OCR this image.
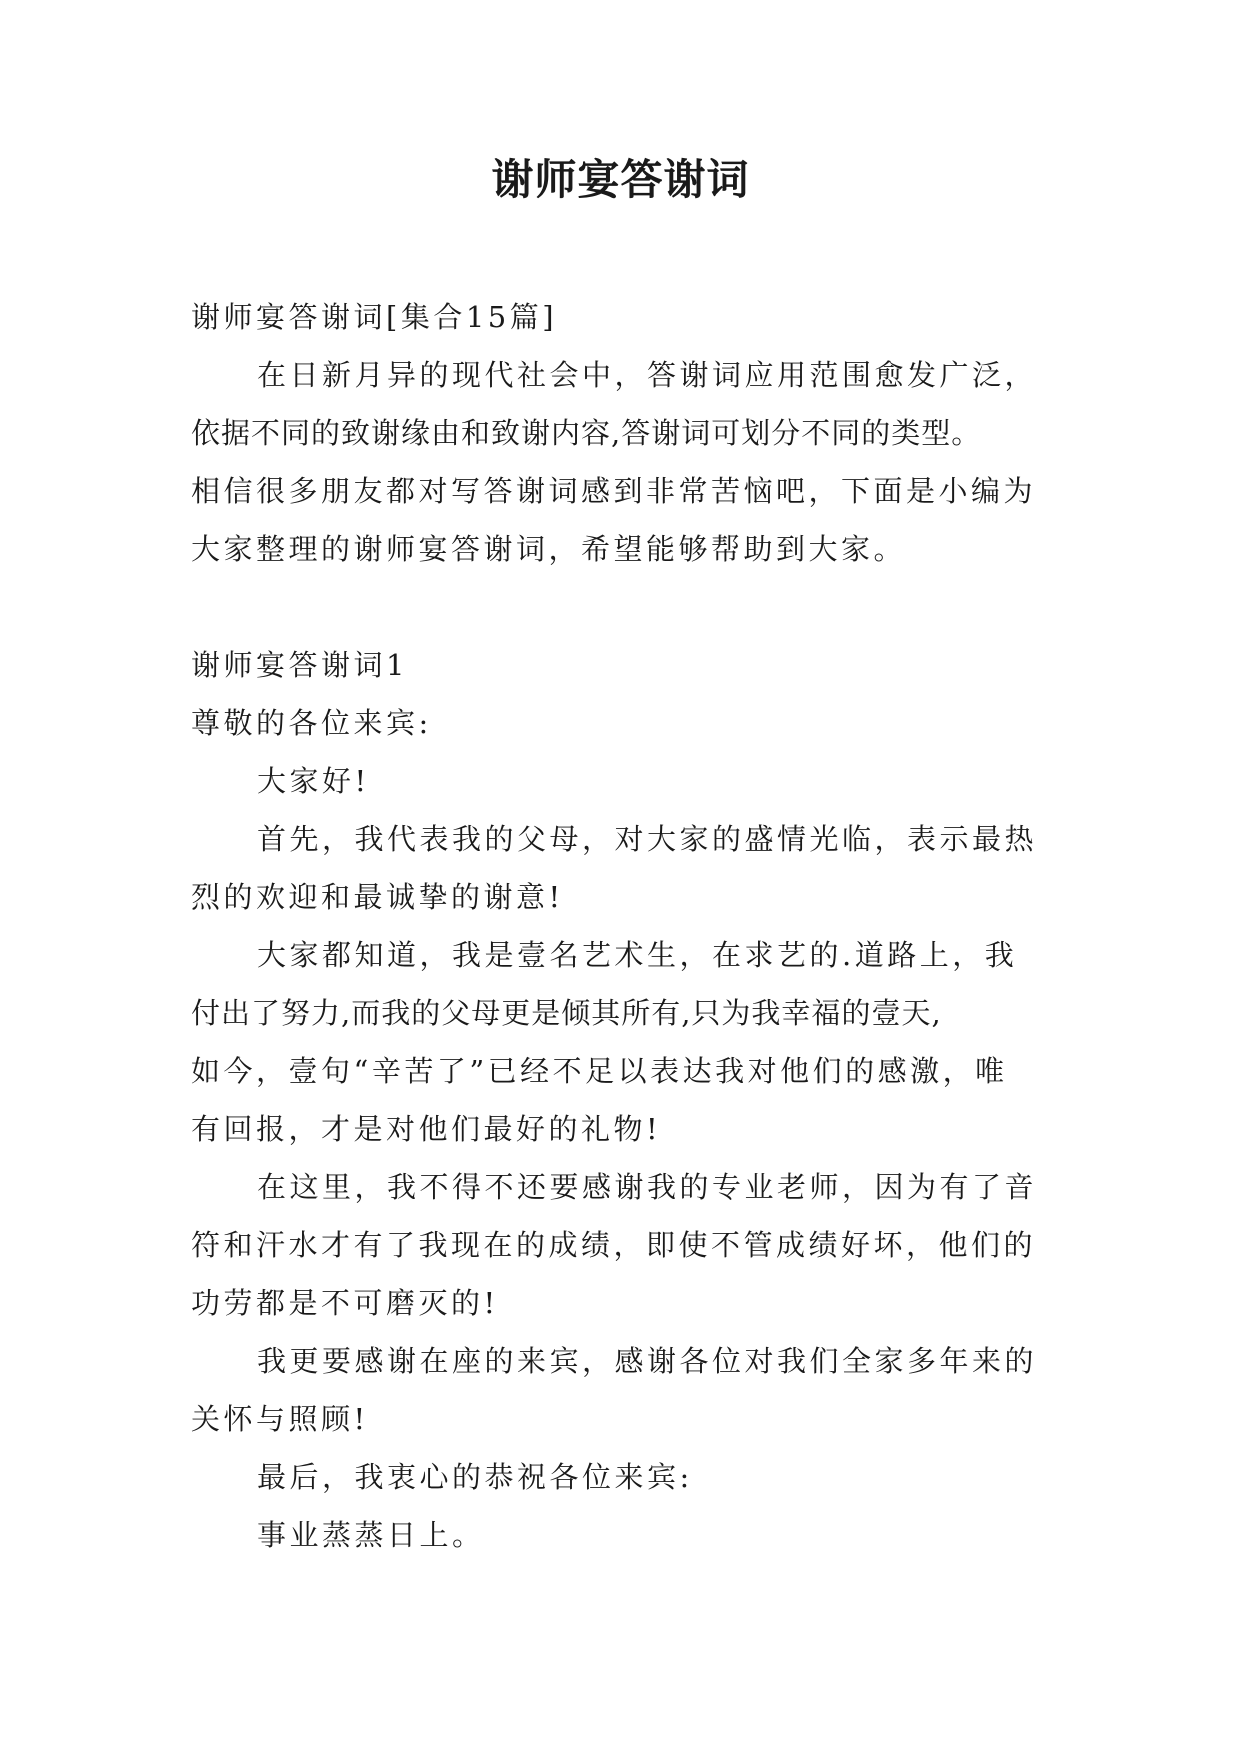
谢师宴答谢词
谢师宴答谢词[集合15篇]
在日新月异的现代社会中，答谢词应用范围愈发广泛，
依据不同的致谢缘由和致谢内容,答谢词可划分不同的类型。
相信很多朋友都对写答谢词感到非常苦恼吧，下面是小编为
大家整理的谢师宴答谢词，希望能够帮助到大家。
谢师宴答谢词1
尊敬的各位来宾:
大家好!
首先，我代表我的父母，对大家的盛情光临，表示最热
烈的欢迎和最诚挚的谢意!
大家都知道，我是壹名艺术生，在求艺的.道路上，我
付出了努力,而我的父母更是倾其所有,只为我幸福的壹天,
如今，壹句“辛苦了”已经不足以表达我对他们的感激，唯
有回报，才是对他们最好的礼物!
在这里，我不得不还要感谢我的专业老师，因为有了音
符和汗水才有了我现在的成绩，即使不管成绩好坏，他们的
功劳都是不可磨灭的!
我更要感谢在座的来宾，感谢各位对我们全家多年来的
关怀与照顾!
最后，我衷心的恭祝各位来宾:
事业蒸蒸日上。
